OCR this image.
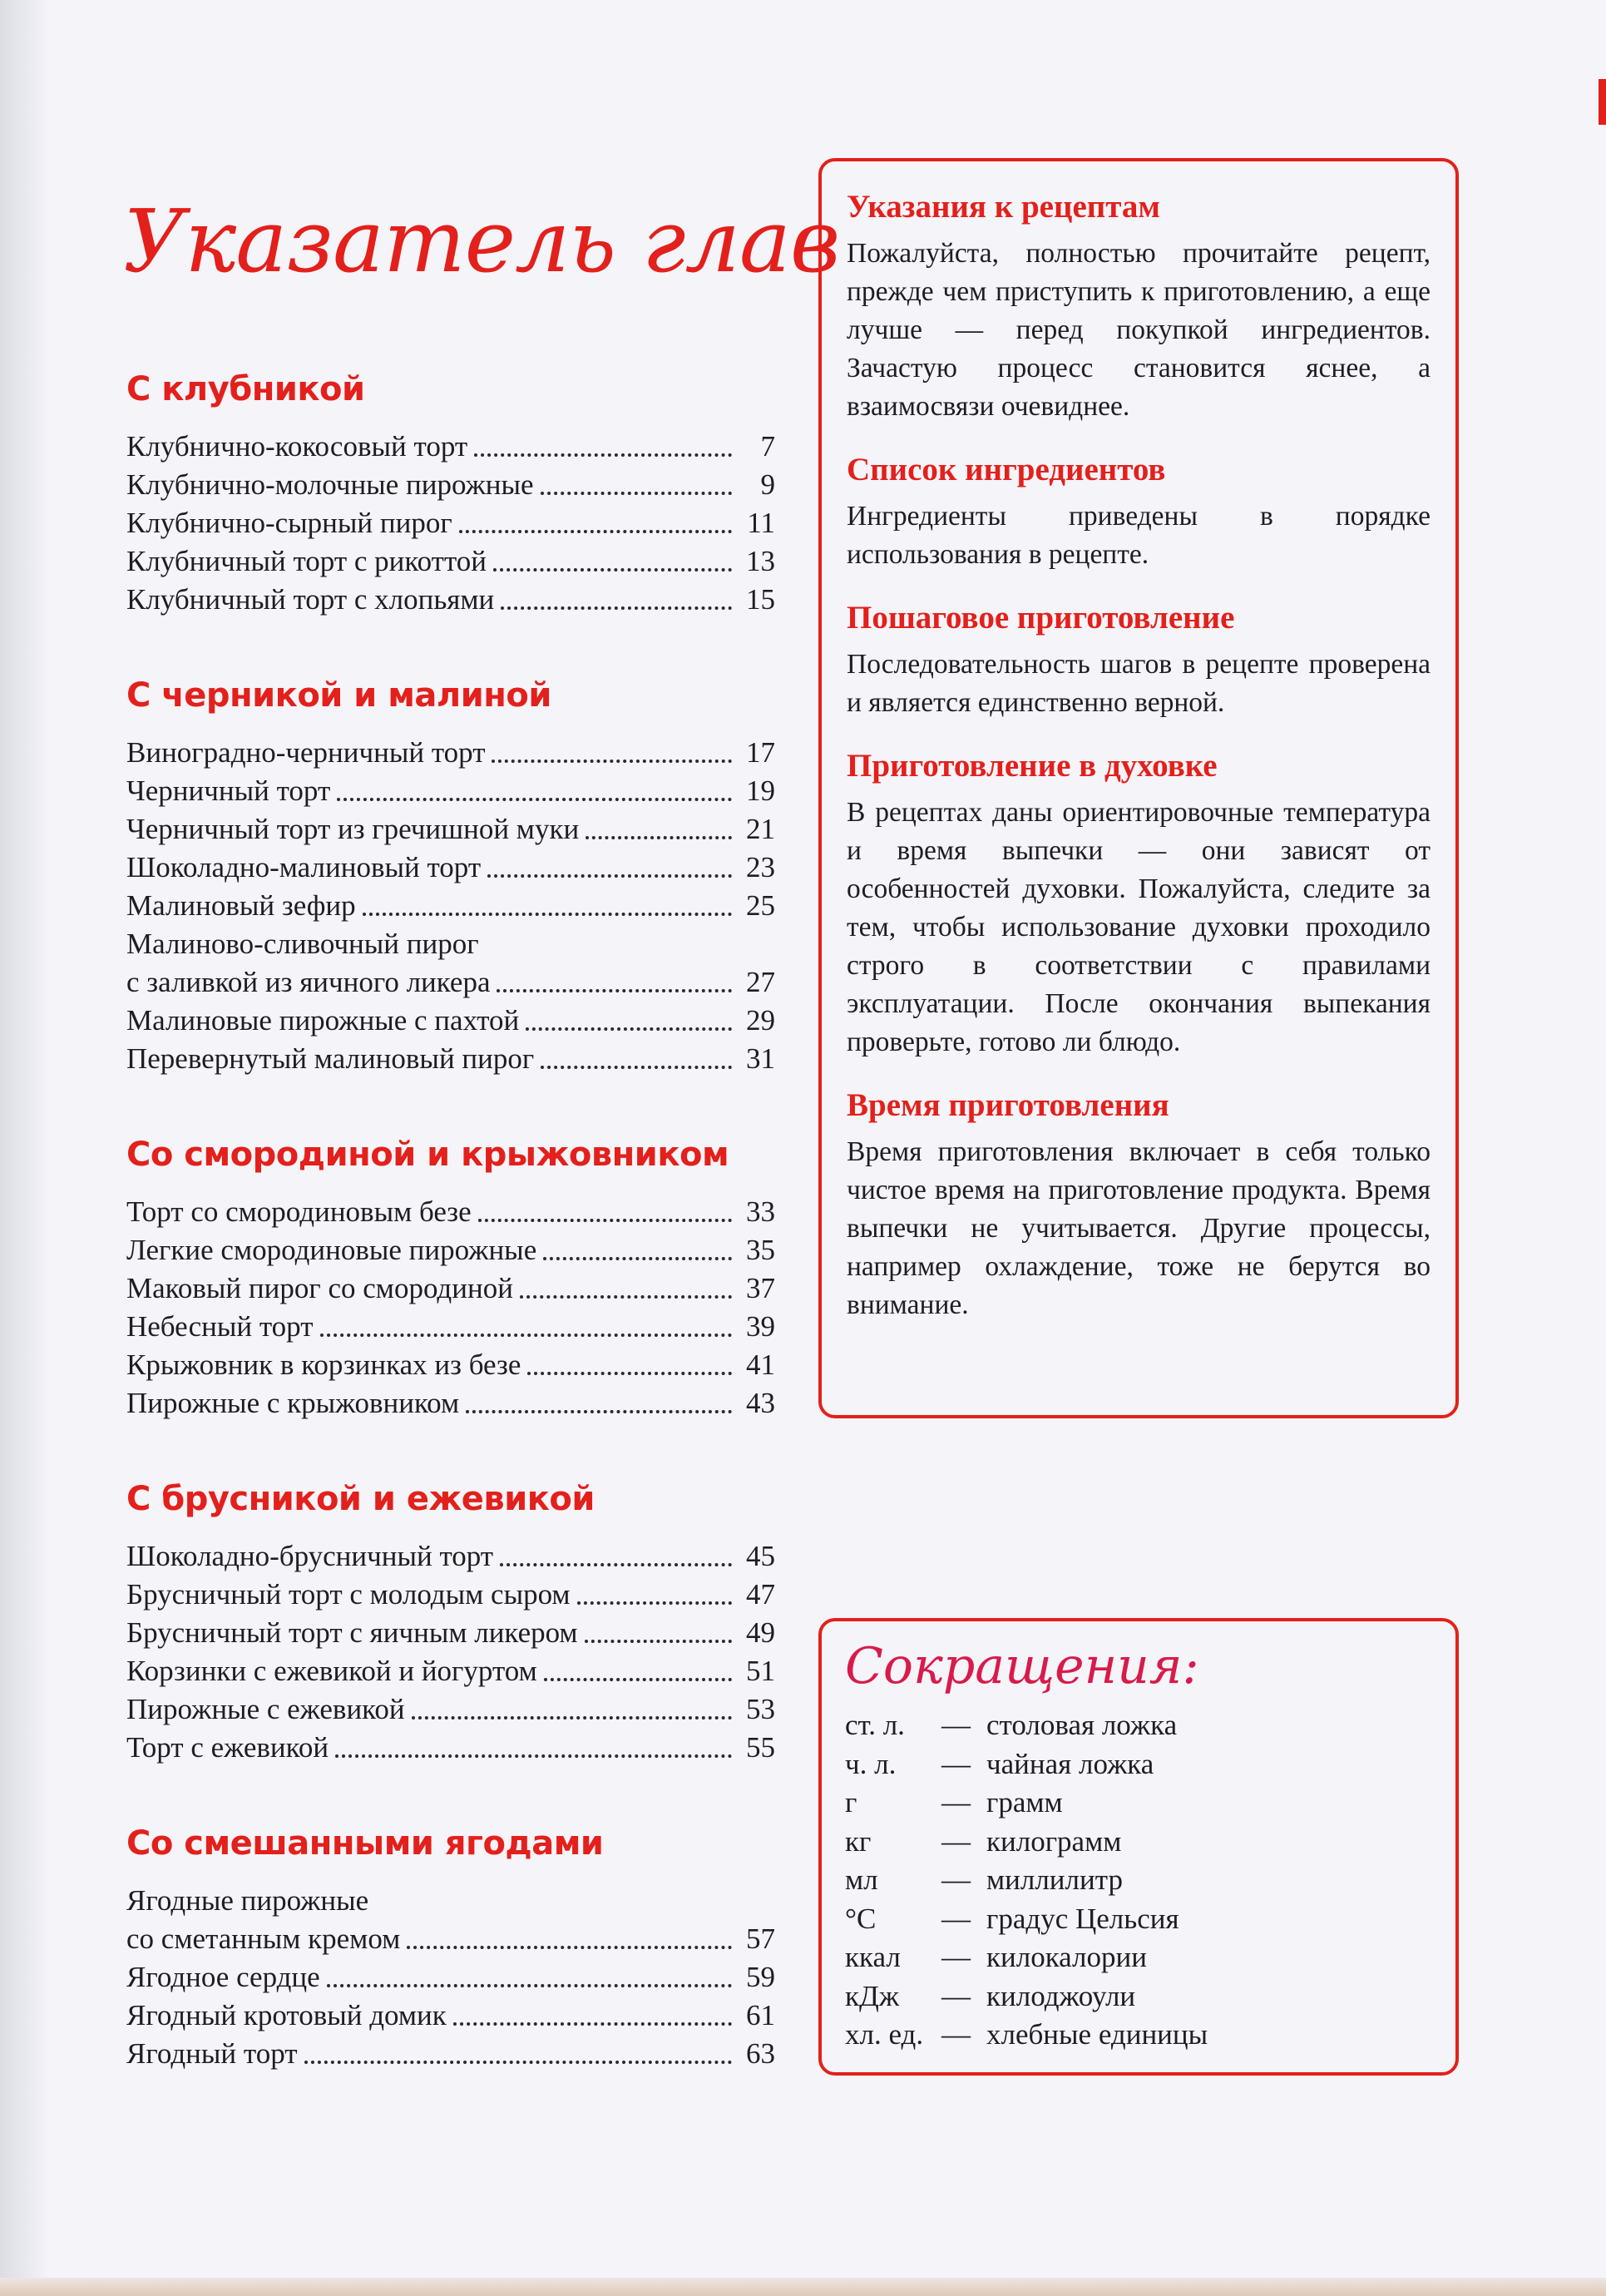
Указатель глав
С клубникой
Клубнично-кокосовый торт	7
Клубнично-молочные пирожные	9
Клубнично-сырный пирог	11
Клубничный торт с рикоттой	13
Клубничный торт с хлопьями	15
С черникой и малиной
Виноградно-черничный торт	17
Черничный торт	19
Черничный торт из гречишной муки	21
Шоколадно-малиновый торт	23
Малиновый зефир	25
Малиново-сливочный пирог
с заливкой из яичного ликера	27
Малиновые пирожные с пахтой	29
Перевернутый малиновый пирог	31
Со смородиной и крыжовником
Торт со смородиновым безе	33
Легкие смородиновые пирожные	35
Маковый пирог со смородиной	37
Небесный торт	39
Крыжовник в корзинках из безе	41
Пирожные с крыжовником	43
С брусникой и ежевикой
Шоколадно-брусничный торт	45
Брусничный торт с молодым сыром	47
Брусничный торт с яичным ликером	49
Корзинки с ежевикой и йогуртом	51
Пирожные с ежевикой	53
Торт с ежевикой	55
Со смешанными ягодами
Ягодные пирожные
со сметанным кремом	57
Ягодное сердце	59
Ягодный кротовый домик	61
Ягодный торт	63
Указания к рецептам
Пожалуйста, полностью прочитайте рецепт, прежде чем приступить к приготовлению, а еще лучше — перед покупкой ингредиентов. Зачастую процесс становится яснее, а взаимосвязи очевиднее.
Список ингредиентов
Ингредиенты приведены в порядке использования в рецепте.
Пошаговое приготовление
Последовательность шагов в рецепте проверена и является единственно верной.
Приготовление в духовке
В рецептах даны ориентировочные температура и время выпечки — они зависят от особенностей духовки. Пожалуйста, следите за тем, чтобы использование духовки проходило строго в соответствии с правилами эксплуатации. После окончания выпекания проверьте, готово ли блюдо.
Время приготовления
Время приготовления включает в себя только чистое время на приготовление продукта. Время выпечки не учитывается. Другие процессы, например охлаждение, тоже не берутся во внимание.
Сокращения:
ст. л.	— столовая ложка
ч. л.	— чайная ложка
г	— грамм
кг	— килограмм
мл	— миллилитр
°С	— градус Цельсия
ккал	— килокалории
кДж	— килоджоули
хл. ед. — хлебные единицы
